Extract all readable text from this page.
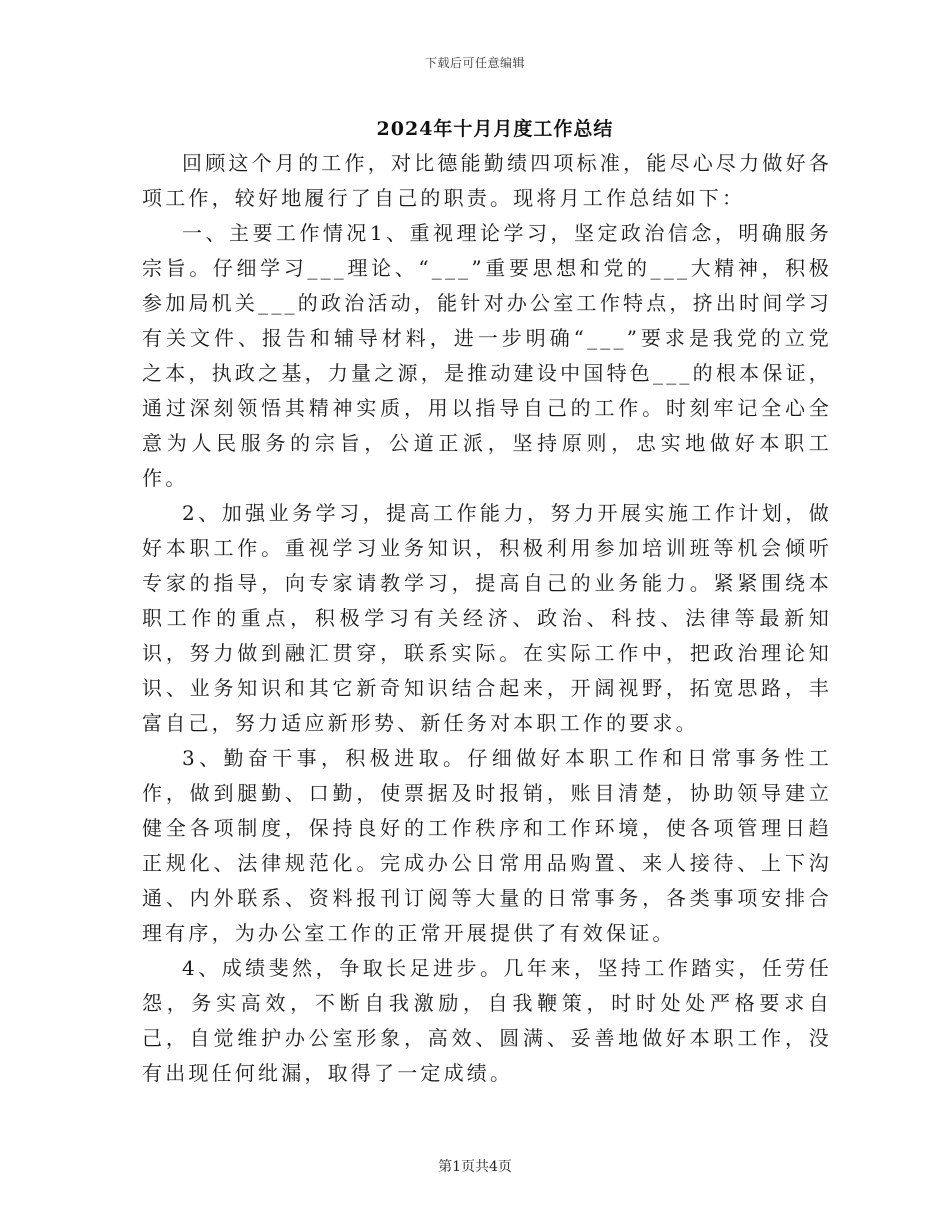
下载后可任意编辑
2024年十月月度工作总结

回顾这个月的工作，对比德能勤绩四项标准，能尽心尽力做好各项工作，较好地履行了自己的职责。现将月工作总结如下：

一、主要工作情况1、重视理论学习，坚定政治信念，明确服务宗旨。仔细学习___理论、“___”重要思想和党的___大精神，积极参加局机关___的政治活动，能针对办公室工作特点，挤出时间学习有关文件、报告和辅导材料，进一步明确“___”要求是我党的立党之本，执政之基，力量之源，是推动建设中国特色___的根本保证，通过深刻领悟其精神实质，用以指导自己的工作。时刻牢记全心全意为人民服务的宗旨，公道正派，坚持原则，忠实地做好本职工作。

2、加强业务学习，提高工作能力，努力开展实施工作计划，做好本职工作。重视学习业务知识，积极利用参加培训班等机会倾听专家的指导，向专家请教学习，提高自己的业务能力。紧紧围绕本职工作的重点，积极学习有关经济、政治、科技、法律等最新知识，努力做到融汇贯穿，联系实际。在实际工作中，把政治理论知识、业务知识和其它新奇知识结合起来，开阔视野，拓宽思路，丰富自己，努力适应新形势、新任务对本职工作的要求。

3、勤奋干事，积极进取。仔细做好本职工作和日常事务性工作，做到腿勤、口勤，使票据及时报销，账目清楚，协助领导建立健全各项制度，保持良好的工作秩序和工作环境，使各项管理日趋正规化、法律规范化。完成办公日常用品购置、来人接待、上下沟通、内外联系、资料报刊订阅等大量的日常事务，各类事项安排合理有序，为办公室工作的正常开展提供了有效保证。

4、成绩斐然，争取长足进步。几年来，坚持工作踏实，任劳任怨，务实高效，不断自我激励，自我鞭策，时时处处严格要求自己，自觉维护办公室形象，高效、圆满、妥善地做好本职工作，没有出现任何纰漏，取得了一定成绩。

第1页共4页
